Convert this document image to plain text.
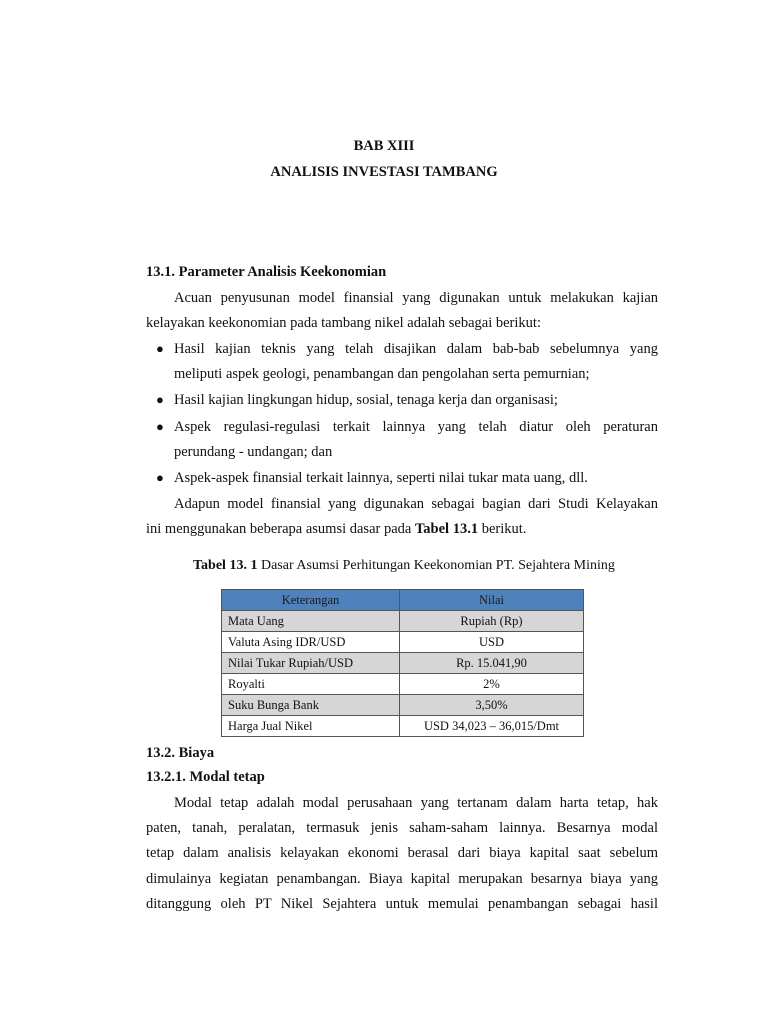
BAB XIII
ANALISIS INVESTASI TAMBANG
13.1. Parameter Analisis Keekonomian
Acuan penyusunan model finansial yang digunakan untuk melakukan kajian
kelayakan keekonomian pada tambang nikel adalah sebagai berikut:
● Hasil kajian teknis yang telah disajikan dalam bab-bab sebelumnya yang
meliputi aspek geologi, penambangan dan pengolahan serta pemurnian;
● Hasil kajian lingkungan hidup, sosial, tenaga kerja dan organisasi;
● Aspek regulasi-regulasi terkait lainnya yang telah diatur oleh peraturan
perundang - undangan; dan
● Aspek-aspek finansial terkait lainnya, seperti nilai tukar mata uang, dll.
Adapun model finansial yang digunakan sebagai bagian dari Studi Kelayakan
ini menggunakan beberapa asumsi dasar pada Tabel 13.1 berikut.
Tabel 13. 1 Dasar Asumsi Perhitungan Keekonomian PT. Sejahtera Mining
Keterangan	Nilai
Mata Uang	Rupiah (Rp)
Valuta Asing IDR/USD	USD
Nilai Tukar Rupiah/USD	Rp. 15.041,90
Royalti	2%
Suku Bunga Bank	3,50%
Harga Jual Nikel	USD 34,023 – 36,015/Dmt
13.2. Biaya
13.2.1. Modal tetap
Modal tetap adalah modal perusahaan yang tertanam dalam harta tetap, hak
paten, tanah, peralatan, termasuk jenis saham-saham lainnya. Besarnya modal
tetap dalam analisis kelayakan ekonomi berasal dari biaya kapital saat sebelum
dimulainya kegiatan penambangan. Biaya kapital merupakan besarnya biaya yang
ditanggung oleh PT Nikel Sejahtera untuk memulai penambangan sebagai hasil
